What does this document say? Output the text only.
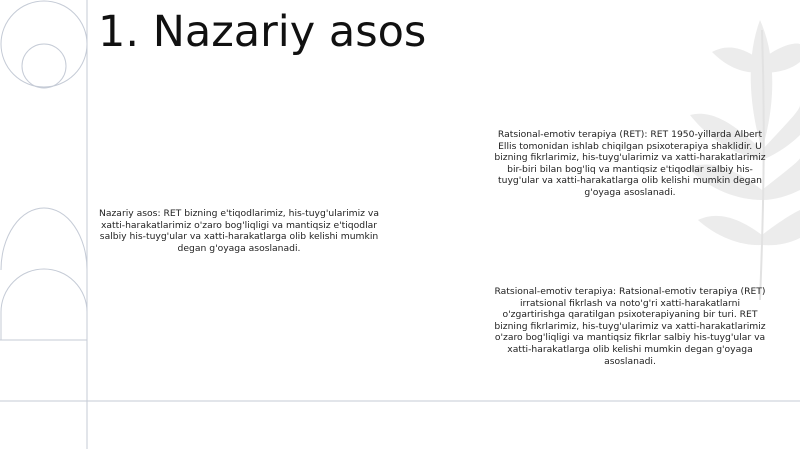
1. Nazariy asos
Nazariy asos: RET bizning e'tiqodlarimiz, his-tuyg'ularimiz va xatti-harakatlarimiz o'zaro bog'liqligi va mantiqsiz e'tiqodlar salbiy his-tuyg'ular va xatti-harakatlarga olib kelishi mumkin degan g'oyaga asoslanadi.
Ratsional-emotiv terapiya (RET): RET 1950-yillarda Albert Ellis tomonidan ishlab chiqilgan psixoterapiya shaklidir. U bizning fikrlarimiz, his-tuyg'ularimiz va xatti-harakatlarimiz bir-biri bilan bog'liq va mantiqsiz e'tiqodlar salbiy his-tuyg'ular va xatti-harakatlarga olib kelishi mumkin degan g'oyaga asoslanadi.
Ratsional-emotiv terapiya: Ratsional-emotiv terapiya (RET) irratsional fikrlash va noto'g'ri xatti-harakatlarni o'zgartirishga qaratilgan psixoterapiyaning bir turi. RET bizning fikrlarimiz, his-tuyg'ularimiz va xatti-harakatlarimiz o'zaro bog'liqligi va mantiqsiz fikrlar salbiy his-tuyg'ular va xatti-harakatlarga olib kelishi mumkin degan g'oyaga asoslanadi.
